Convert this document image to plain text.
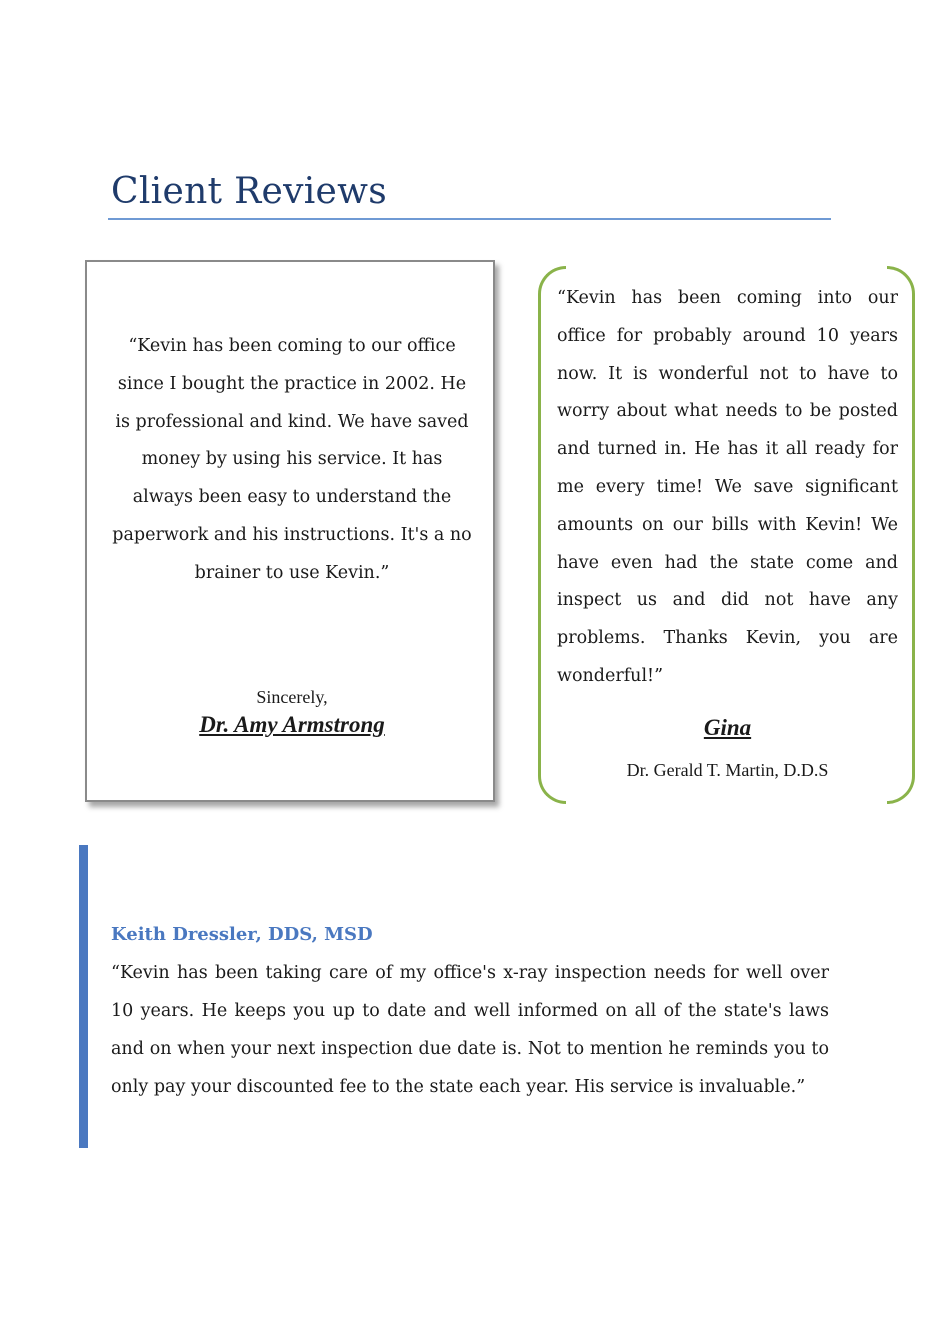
Client Reviews
“Kevin has been coming to our office since I bought the practice in 2002. He is professional and kind. We have saved money by using his service. It has always been easy to understand the paperwork and his instructions. It's a no brainer to use Kevin.”
Sincerely,
Dr. Amy Armstrong
“Kevin has been coming into our office for probably around 10 years now. It is wonderful not to have to worry about what needs to be posted and turned in. He has it all ready for me every time! We save significant amounts on our bills with Kevin! We have even had the state come and inspect us and did not have any problems. Thanks Kevin, you are wonderful!”
Gina
Dr. Gerald T. Martin, D.D.S
Keith Dressler, DDS, MSD
“Kevin has been taking care of my office's x-ray inspection needs for well over 10 years. He keeps you up to date and well informed on all of the state's laws and on when your next inspection due date is. Not to mention he reminds you to only pay your discounted fee to the state each year. His service is invaluable.”
